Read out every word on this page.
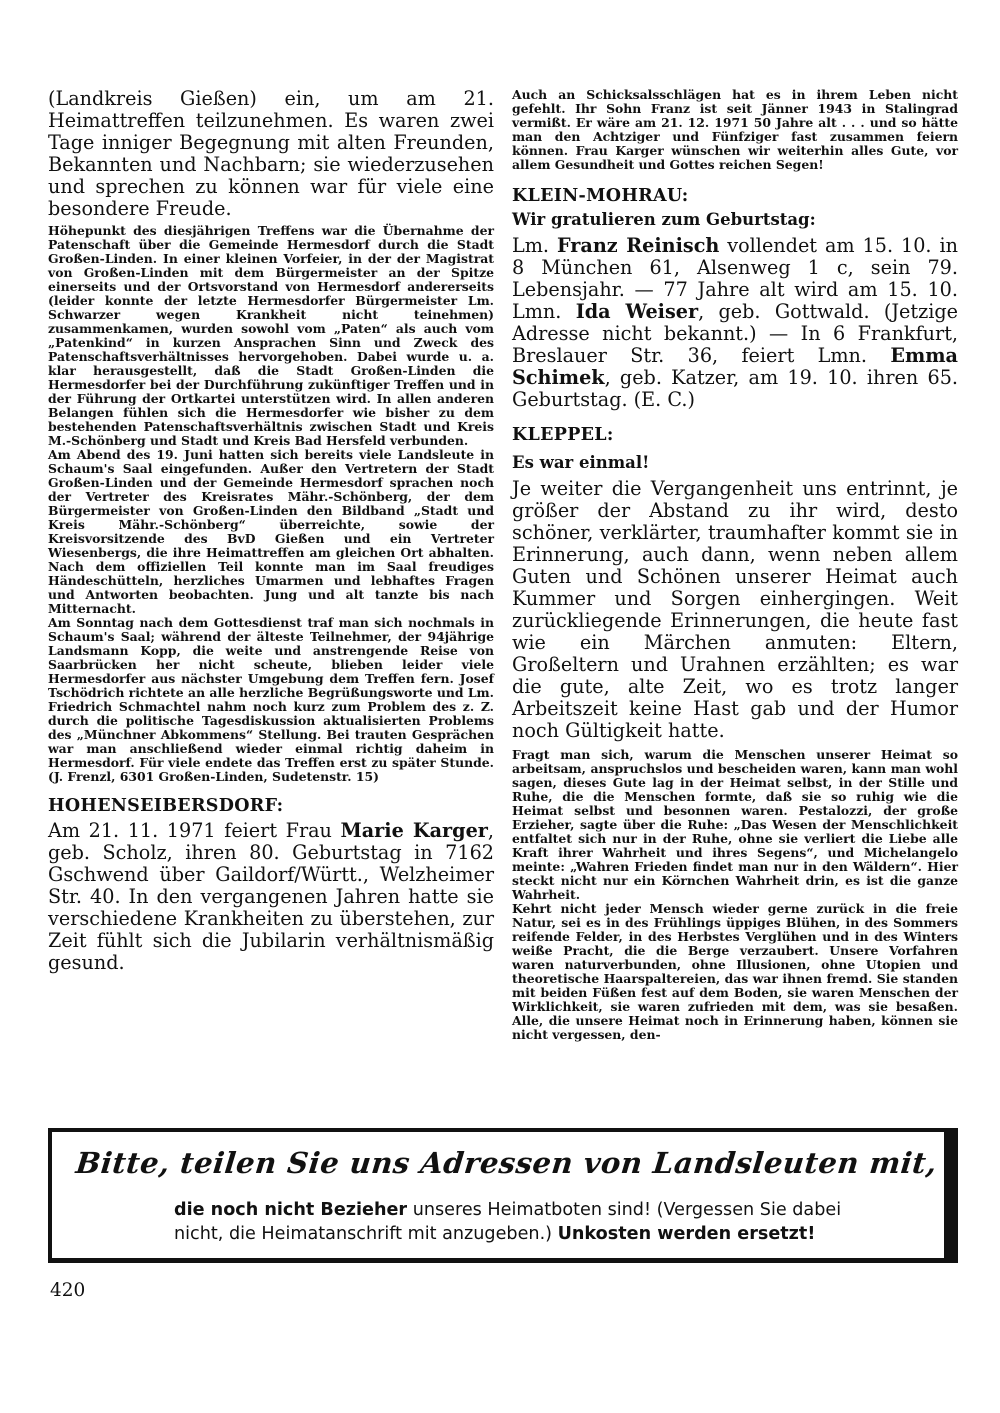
(Landkreis Gießen) ein, um am 21. Heimattreffen teilzunehmen. Es waren zwei Tage inniger Begegnung mit alten Freunden, Bekannten und Nachbarn; sie wiederzusehen und sprechen zu können war für viele eine besondere Freude.

Höhepunkt des diesjährigen Treffens war die Übernahme der Patenschaft über die Gemeinde Hermesdorf durch die Stadt Großen-Linden. In einer kleinen Vorfeier, in der der Magistrat von Großen-Linden mit dem Bürgermeister an der Spitze einerseits und der Ortsvorstand von Hermesdorf andererseits (leider konnte der letzte Hermesdorfer Bürgermeister Lm. Schwarzer wegen Krankheit nicht teinehmen) zusammenkamen, wurden sowohl vom „Paten“ als auch vom „Patenkind“ in kurzen Ansprachen Sinn und Zweck des Patenschaftsverhältnisses hervorgehoben. Dabei wurde u. a. klar herausgestellt, daß die Stadt Großen-Linden die Hermesdorfer bei der Durchführung zukünftiger Treffen und in der Führung der Ortkartei unterstützen wird. In allen anderen Belangen fühlen sich die Hermesdorfer wie bisher zu dem bestehenden Patenschaftsverhältnis zwischen Stadt und Kreis M.-Schönberg und Stadt und Kreis Bad Hersfeld verbunden.

Am Abend des 19. Juni hatten sich bereits viele Landsleute in Schaum's Saal eingefunden. Außer den Vertretern der Stadt Großen-Linden und der Gemeinde Hermesdorf sprachen noch der Vertreter des Kreisrates Mähr.-Schönberg, der dem Bürgermeister von Großen-Linden den Bildband „Stadt und Kreis Mähr.-Schönberg“ überreichte, sowie der Kreisvorsitzende des BvD Gießen und ein Vertreter Wiesenbergs, die ihre Heimattreffen am gleichen Ort abhalten. Nach dem offiziellen Teil konnte man im Saal freudiges Händeschütteln, herzliches Umarmen und lebhaftes Fragen und Antworten beobachten. Jung und alt tanzte bis nach Mitternacht.

Am Sonntag nach dem Gottesdienst traf man sich nochmals in Schaum's Saal; während der älteste Teilnehmer, der 94jährige Landsmann Kopp, die weite und anstrengende Reise von Saarbrücken her nicht scheute, blieben leider viele Hermesdorfer aus nächster Umgebung dem Treffen fern. Josef Tschödrich richtete an alle herzliche Begrüßungsworte und Lm. Friedrich Schmachtel nahm noch kurz zum Problem des z. Z. durch die politische Tagesdiskussion aktualisierten Problems des „Münchner Abkommens“ Stellung. Bei trauten Gesprächen war man anschließend wieder einmal richtig daheim in Hermesdorf. Für viele endete das Treffen erst zu später Stunde. (J. Frenzl, 6301 Großen-Linden, Sudetenstr. 15)

HOHENSEIBERSDORF:

Am 21. 11. 1971 feiert Frau Marie Karger, geb. Scholz, ihren 80. Geburtstag in 7162 Gschwend über Gaildorf/Württ., Welzheimer Str. 40. In den vergangenen Jahren hatte sie verschiedene Krankheiten zu überstehen, zur Zeit fühlt sich die Jubilarin verhältnismäßig gesund.

Auch an Schicksalsschlägen hat es in ihrem Leben nicht gefehlt. Ihr Sohn Franz ist seit Jänner 1943 in Stalingrad vermißt. Er wäre am 21. 12. 1971 50 Jahre alt . . . und so hätte man den Achtziger und Fünfziger fast zusammen feiern können. Frau Karger wünschen wir weiterhin alles Gute, vor allem Gesundheit und Gottes reichen Segen!

KLEIN-MOHRAU:
Wir gratulieren zum Geburtstag:

Lm. Franz Reinisch vollendet am 15. 10. in 8 München 61, Alsenweg 1 c, sein 79. Lebensjahr. — 77 Jahre alt wird am 15. 10. Lmn. Ida Weiser, geb. Gottwald. (Jetzige Adresse nicht bekannt.) — In 6 Frankfurt, Breslauer Str. 36, feiert Lmn. Emma Schimek, geb. Katzer, am 19. 10. ihren 65. Geburtstag. (E. C.)

KLEPPEL:
Es war einmal!

Je weiter die Vergangenheit uns entrinnt, je größer der Abstand zu ihr wird, desto schöner, verklärter, traumhafter kommt sie in Erinnerung, auch dann, wenn neben allem Guten und Schönen unserer Heimat auch Kummer und Sorgen einhergingen. Weit zurückliegende Erinnerungen, die heute fast wie ein Märchen anmuten: Eltern, Großeltern und Urahnen erzählten; es war die gute, alte Zeit, wo es trotz langer Arbeitszeit keine Hast gab und der Humor noch Gültigkeit hatte.

Fragt man sich, warum die Menschen unserer Heimat so arbeitsam, anspruchslos und bescheiden waren, kann man wohl sagen, dieses Gute lag in der Heimat selbst, in der Stille und Ruhe, die die Menschen formte, daß sie so ruhig wie die Heimat selbst und besonnen waren. Pestalozzi, der große Erzieher, sagte über die Ruhe: „Das Wesen der Menschlichkeit entfaltet sich nur in der Ruhe, ohne sie verliert die Liebe alle Kraft ihrer Wahrheit und ihres Segens“, und Michelangelo meinte: „Wahren Frieden findet man nur in den Wäldern“. Hier steckt nicht nur ein Körnchen Wahrheit drin, es ist die ganze Wahrheit.

Kehrt nicht jeder Mensch wieder gerne zurück in die freie Natur, sei es in des Frühlings üppiges Blühen, in des Sommers reifende Felder, in des Herbstes Verglühen und in des Winters weiße Pracht, die die Berge verzaubert. Unsere Vorfahren waren naturverbunden, ohne Illusionen, ohne Utopien und theoretische Haarspaltereien, das war ihnen fremd. Sie standen mit beiden Füßen fest auf dem Boden, sie waren Menschen der Wirklichkeit, sie waren zufrieden mit dem, was sie besaßen. Alle, die unsere Heimat noch in Erinnerung haben, können sie nicht vergessen, den-

Bitte, teilen Sie uns Adressen von Landsleuten mit,
die noch nicht Bezieher unseres Heimatboten sind! (Vergessen Sie dabei
nicht, die Heimatanschrift mit anzugeben.) Unkosten werden ersetzt!
420
